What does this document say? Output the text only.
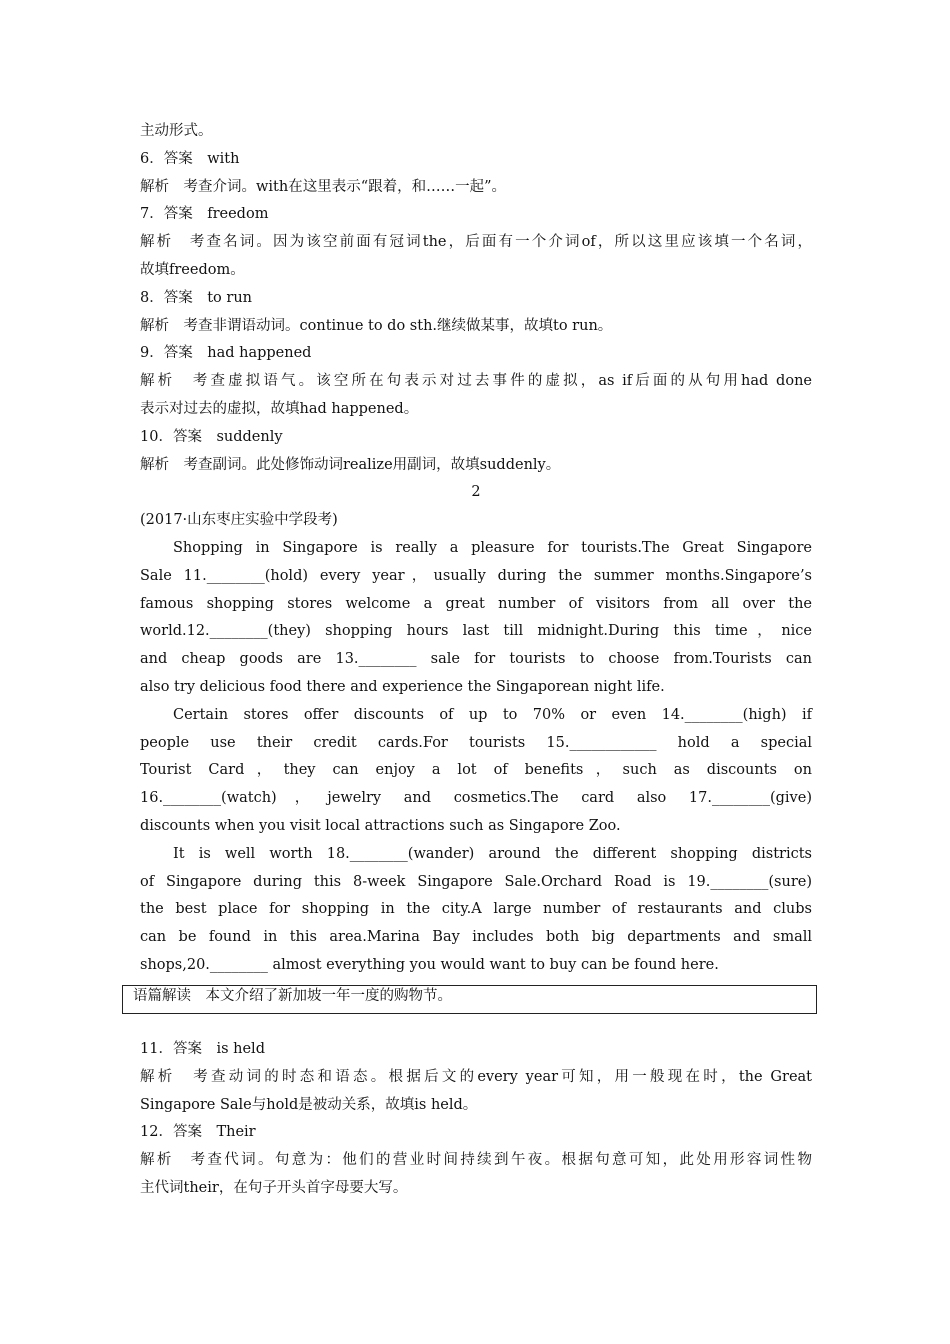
主动形式。
6．答案　with
解析　考查介词。with在这里表示“跟着，和……一起”。
7．答案　freedom
解析　考查名词。因为该空前面有冠词the，后面有一个介词of，所以这里应该填一个名词，
故填freedom。
8．答案　to run
解析　考查非谓语动词。continue to do sth.继续做某事，故填to run。
9．答案　had happened
解析　考查虚拟语气。该空所在句表示对过去事件的虚拟，as if后面的从句用had done
表示对过去的虚拟，故填had happened。
10．答案　suddenly
解析　考查副词。此处修饰动词realize用副词，故填suddenly。
2
(2017·山东枣庄实验中学段考)
Shopping in Singapore is really a pleasure for tourists.The Great Singapore
Sale 11.________(hold) every year，usually during the summer months.Singapore’s
famous shopping stores welcome a great number of visitors from all over the
world.12.________(they) shopping hours last till midnight.During this time，nice
and cheap goods are 13.________ sale for tourists to choose from.Tourists can
also try delicious food there and experience the Singaporean night life.
Certain stores offer discounts of up to 70% or even 14.________(high) if
people use their credit cards.For tourists 15.____________ hold a special
Tourist Card，they can enjoy a lot of benefits，such as discounts on
16.________(watch)，jewelry and cosmetics.The card also 17.________(give)
discounts when you visit local attractions such as Singapore Zoo.
It is well worth 18.________(wander) around the different shopping districts
of Singapore during this 8-week Singapore Sale.Orchard Road is 19.________(sure)
the best place for shopping in the city.A large number of restaurants and clubs
can be found in this area.Marina Bay includes both big departments and small
shops,20.________ almost everything you would want to buy can be found here.
语篇解读　本文介绍了新加坡一年一度的购物节。
11．答案　is held
解析　考查动词的时态和语态。根据后文的every year可知，用一般现在时，the Great
Singapore Sale与hold是被动关系，故填is held。
12．答案　Their
解析　考查代词。句意为：他们的营业时间持续到午夜。根据句意可知，此处用形容词性物
主代词their，在句子开头首字母要大写。
